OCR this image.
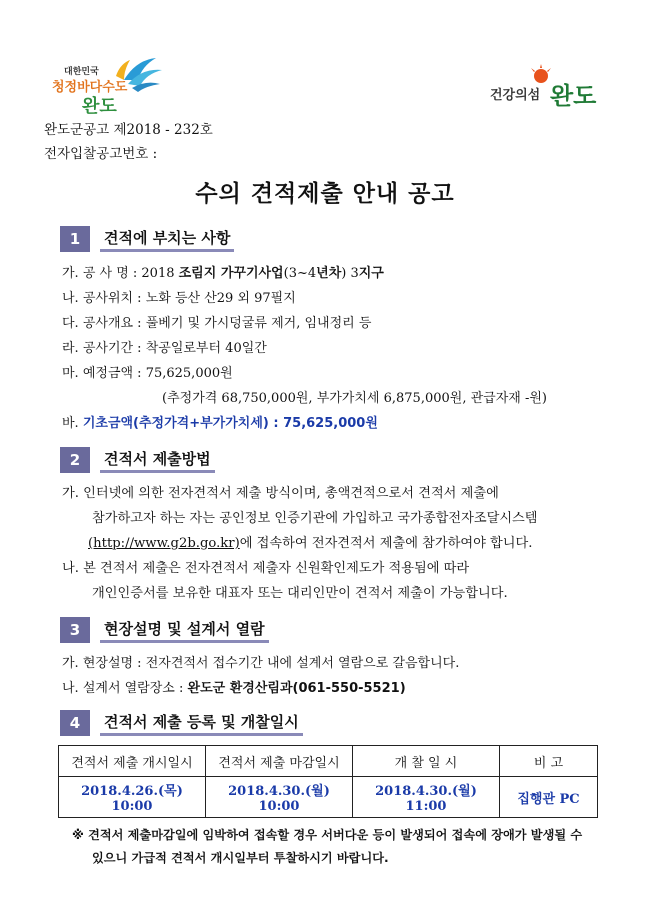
대한민국
청정바다수도
완도
건강의섬 완도
완도군공고 제2018 - 232호
전자입찰공고번호 :
수의 견적제출 안내 공고
1	견적에 부치는 사항
가. 공 사 명 : 2018 조림지 가꾸기사업(3~4년차) 3지구
나. 공사위치 : 노화 등산 산29 외 97필지
다. 공사개요 : 풀베기 및 가시덩굴류 제거, 임내정리 등
라. 공사기간 : 착공일로부터 40일간
마. 예정금액 : 75,625,000원
(추정가격 68,750,000원, 부가가치세 6,875,000원, 관급자재 -원)
바. 기초금액(추정가격+부가가치세) : 75,625,000원
2	견적서 제출방법
가. 인터넷에 의한 전자견적서 제출 방식이며, 총액견적으로서 견적서 제출에
참가하고자 하는 자는 공인정보 인증기관에 가입하고 국가종합전자조달시스템
(http://www.g2b.go.kr)에 접속하여 전자견적서 제출에 참가하여야 합니다.
나. 본 견적서 제출은 전자견적서 제출자 신원확인제도가 적용됨에 따라
개인인증서를 보유한 대표자 또는 대리인만이 견적서 제출이 가능합니다.
3	현장설명 및 설계서 열람
가. 현장설명 : 전자견적서 접수기간 내에 설계서 열람으로 갈음합니다.
나. 설계서 열람장소 : 완도군 환경산림과(061-550-5521)
4	견적서 제출 등록 및 개찰일시
견적서 제출 개시일시	견적서 제출 마감일시	개 찰 일 시	비 고
2018.4.26.(목) 10:00	2018.4.30.(월) 10:00	2018.4.30.(월) 11:00	집행관 PC
※ 견적서 제출마감일에 임박하여 접속할 경우 서버다운 등이 발생되어 접속에 장애가 발생될 수
있으니 가급적 견적서 개시일부터 투찰하시기 바랍니다.
